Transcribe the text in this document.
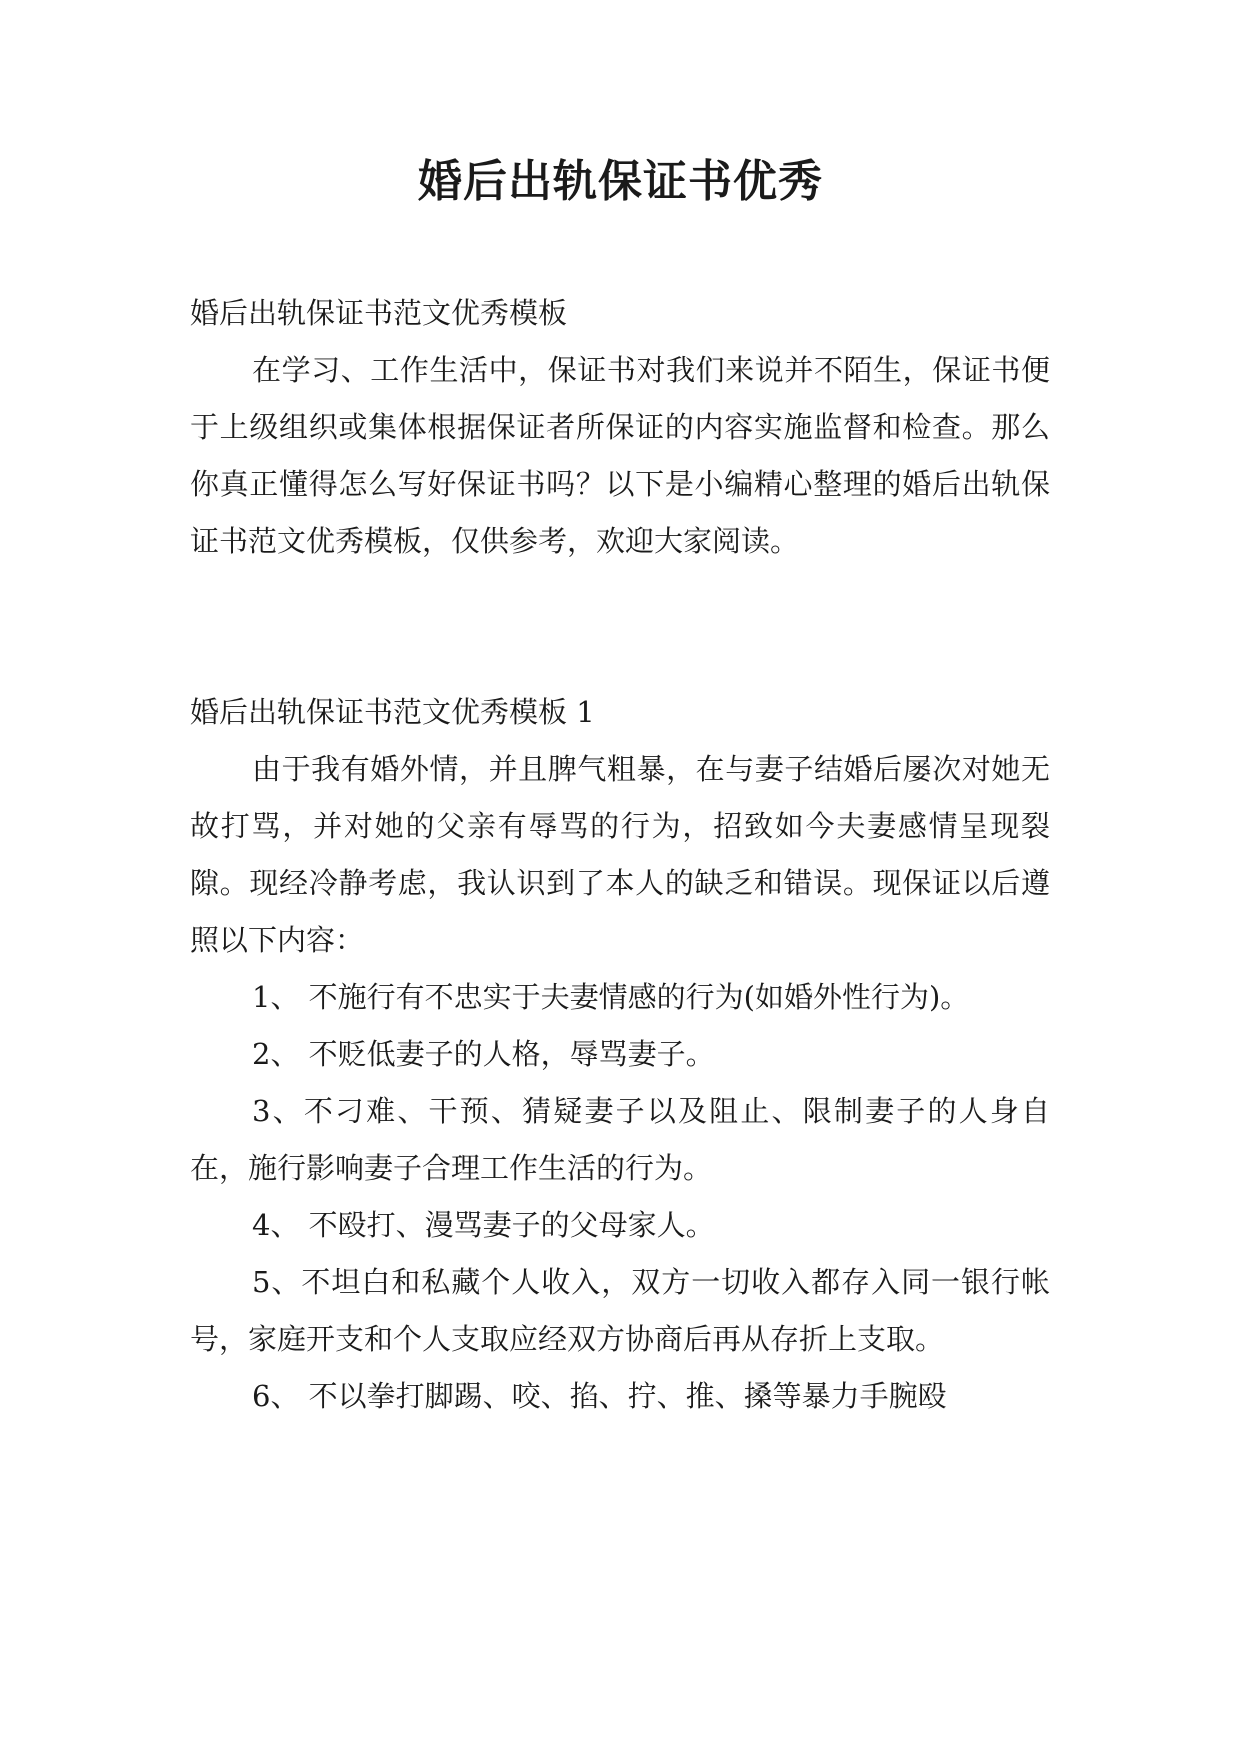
婚后出轨保证书优秀

婚后出轨保证书范文优秀模板

在学习、工作生活中，保证书对我们来说并不陌生，保证书便于上级组织或集体根据保证者所保证的内容实施监督和检查。那么你真正懂得怎么写好保证书吗？以下是小编精心整理的婚后出轨保证书范文优秀模板，仅供参考，欢迎大家阅读。

婚后出轨保证书范文优秀模板 1

由于我有婚外情，并且脾气粗暴，在与妻子结婚后屡次对她无故打骂，并对她的父亲有辱骂的行为，招致如今夫妻感情呈现裂隙。现经冷静考虑，我认识到了本人的缺乏和错误。现保证以后遵照以下内容：

1、 不施行有不忠实于夫妻情感的行为(如婚外性行为)。

2、 不贬低妻子的人格，辱骂妻子。

3、不刁难、干预、猜疑妻子以及阻止、限制妻子的人身自在，施行影响妻子合理工作生活的行为。

4、 不殴打、漫骂妻子的父母家人。

5、不坦白和私藏个人收入，双方一切收入都存入同一银行帐号，家庭开支和个人支取应经双方协商后再从存折上支取。

6、 不以拳打脚踢、咬、掐、拧、推、搡等暴力手腕殴
